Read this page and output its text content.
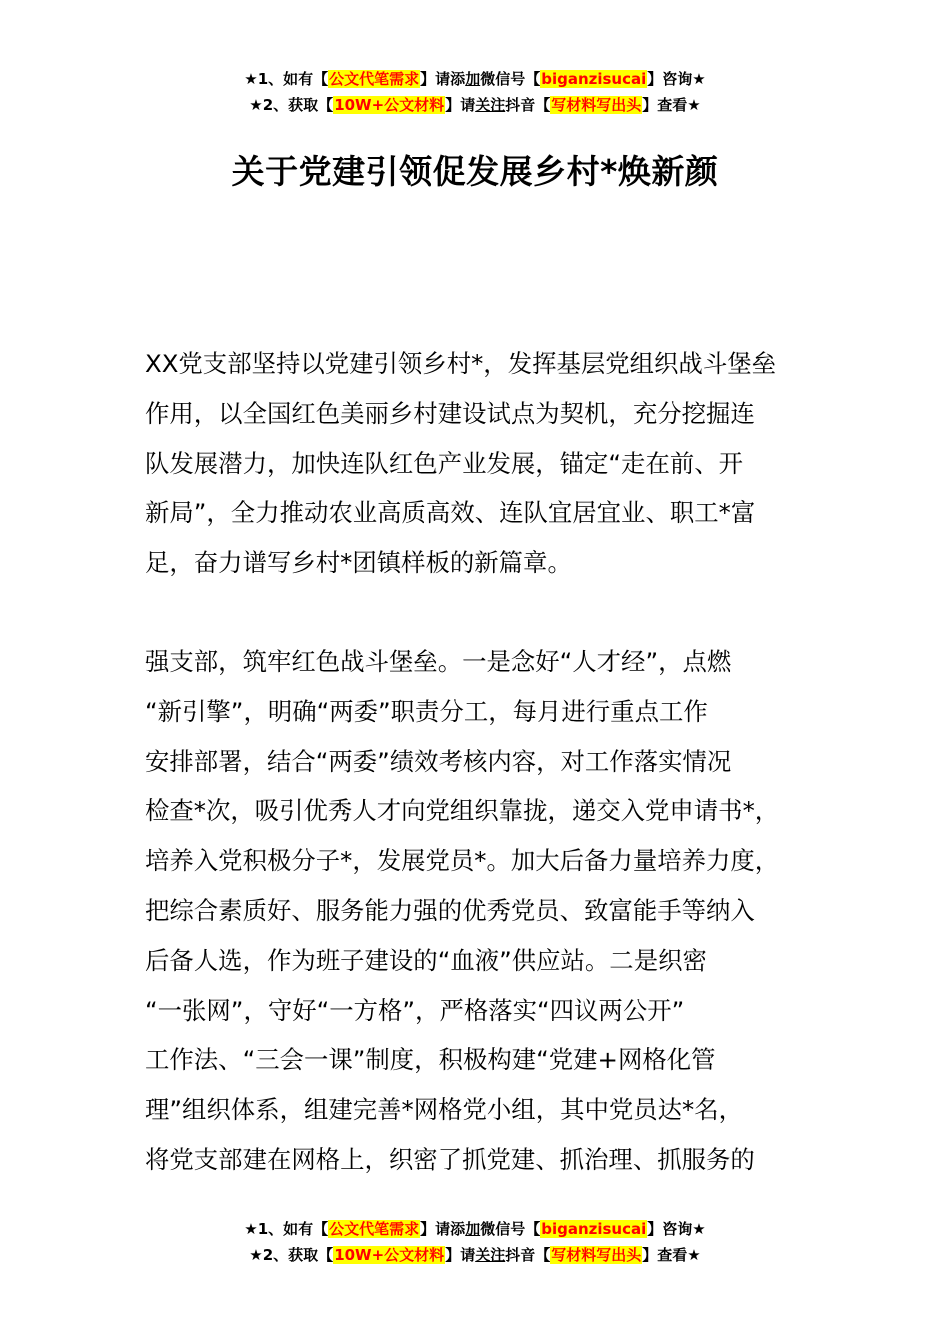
★1、如有【公文代笔需求】请添加微信号【biganzisucai】咨询★
★2、获取【10W+公文材料】请关注抖音【写材料写出头】查看★
关于党建引领促发展乡村*焕新颜

XX党支部坚持以党建引领乡村*，发挥基层党组织战斗堡垒
作用，以全国红色美丽乡村建设试点为契机，充分挖掘连
队发展潜力，加快连队红色产业发展，锚定“走在前、开
新局”，全力推动农业高质高效、连队宜居宜业、职工*富
足，奋力谱写乡村*团镇样板的新篇章。

强支部，筑牢红色战斗堡垒。一是念好“人才经”，点燃
“新引擎”，明确“两委”职责分工，每月进行重点工作
安排部署，结合“两委”绩效考核内容，对工作落实情况
检查*次，吸引优秀人才向党组织靠拢，递交入党申请书*，
培养入党积极分子*，发展党员*。加大后备力量培养力度，
把综合素质好、服务能力强的优秀党员、致富能手等纳入
后备人选，作为班子建设的“血液”供应站。二是织密
“一张网”，守好“一方格”，严格落实“四议两公开”
工作法、“三会一课”制度，积极构建“党建+网格化管
理”组织体系，组建完善*网格党小组，其中党员达*名，
将党支部建在网格上，织密了抓党建、抓治理、抓服务的

★1、如有【公文代笔需求】请添加微信号【biganzisucai】咨询★
★2、获取【10W+公文材料】请关注抖音【写材料写出头】查看★
